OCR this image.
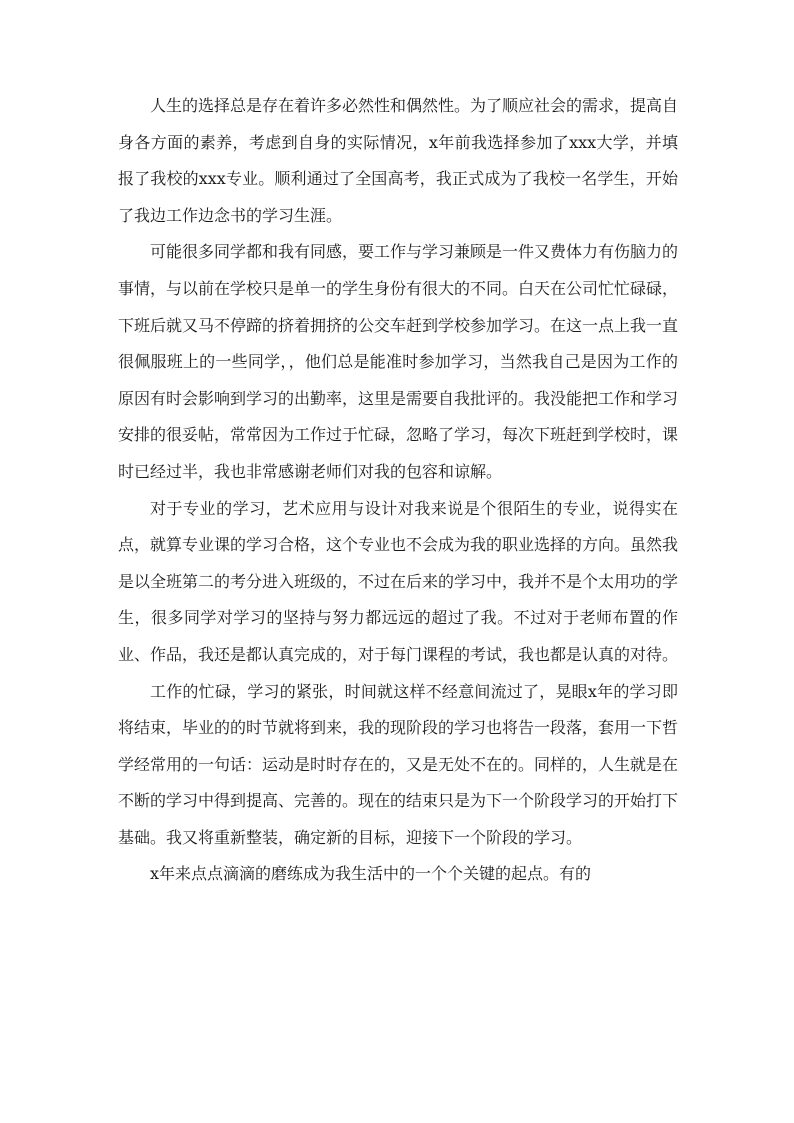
人生的选择总是存在着许多必然性和偶然性。为了顺应社会的需求，提高自身各方面的素养，考虑到自身的实际情况，x年前我选择参加了xxx大学，并填报了我校的xxx专业。顺利通过了全国高考，我正式成为了我校一名学生，开始了我边工作边念书的学习生涯。

可能很多同学都和我有同感，要工作与学习兼顾是一件又费体力有伤脑力的事情，与以前在学校只是单一的学生身份有很大的不同。白天在公司忙忙碌碌，下班后就又马不停蹄的挤着拥挤的公交车赶到学校参加学习。在这一点上我一直很佩服班上的一些同学，，他们总是能准时参加学习，当然我自己是因为工作的原因有时会影响到学习的出勤率，这里是需要自我批评的。我没能把工作和学习安排的很妥帖，常常因为工作过于忙碌，忽略了学习，每次下班赶到学校时，课时已经过半，我也非常感谢老师们对我的包容和谅解。

对于专业的学习，艺术应用与设计对我来说是个很陌生的专业，说得实在点，就算专业课的学习合格，这个专业也不会成为我的职业选择的方向。虽然我是以全班第二的考分进入班级的，不过在后来的学习中，我并不是个太用功的学生，很多同学对学习的坚持与努力都远远的超过了我。不过对于老师布置的作业、作品，我还是都认真完成的，对于每门课程的考试，我也都是认真的对待。

工作的忙碌，学习的紧张，时间就这样不经意间流过了，晃眼x年的学习即将结束，毕业的的时节就将到来，我的现阶段的学习也将告一段落，套用一下哲学经常用的一句话：运动是时时存在的，又是无处不在的。同样的，人生就是在不断的学习中得到提高、完善的。现在的结束只是为下一个阶段学习的开始打下基础。我又将重新整装，确定新的目标，迎接下一个阶段的学习。

x年来点点滴滴的磨练成为我生活中的一个个关键的起点。有的
